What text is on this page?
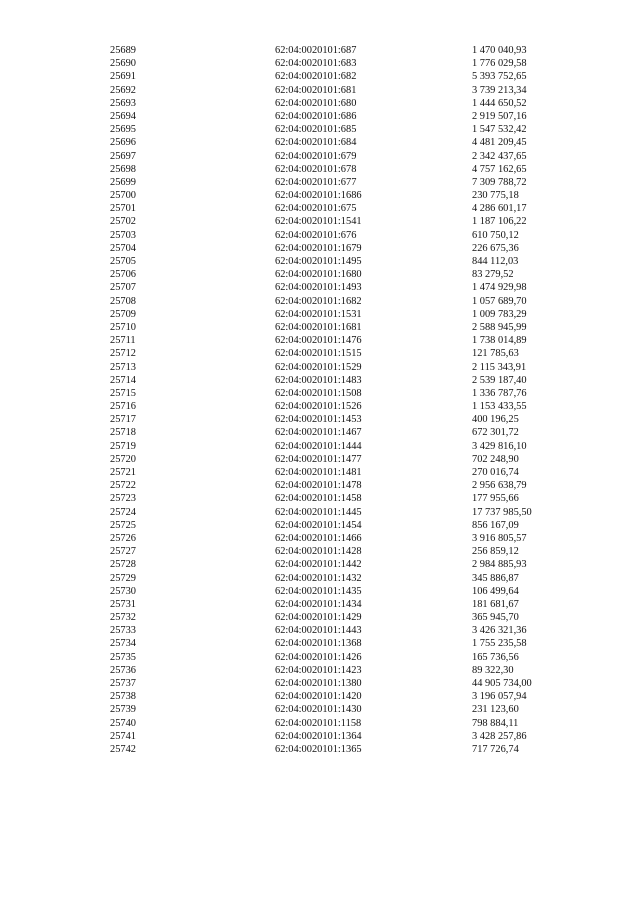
25689	62:04:0020101:687	1 470 040,93
25690	62:04:0020101:683	1 776 029,58
25691	62:04:0020101:682	5 393 752,65
25692	62:04:0020101:681	3 739 213,34
25693	62:04:0020101:680	1 444 650,52
25694	62:04:0020101:686	2 919 507,16
25695	62:04:0020101:685	1 547 532,42
25696	62:04:0020101:684	4 481 209,45
25697	62:04:0020101:679	2 342 437,65
25698	62:04:0020101:678	4 757 162,65
25699	62:04:0020101:677	7 309 788,72
25700	62:04:0020101:1686	230 775,18
25701	62:04:0020101:675	4 286 601,17
25702	62:04:0020101:1541	1 187 106,22
25703	62:04:0020101:676	610 750,12
25704	62:04:0020101:1679	226 675,36
25705	62:04:0020101:1495	844 112,03
25706	62:04:0020101:1680	83 279,52
25707	62:04:0020101:1493	1 474 929,98
25708	62:04:0020101:1682	1 057 689,70
25709	62:04:0020101:1531	1 009 783,29
25710	62:04:0020101:1681	2 588 945,99
25711	62:04:0020101:1476	1 738 014,89
25712	62:04:0020101:1515	121 785,63
25713	62:04:0020101:1529	2 115 343,91
25714	62:04:0020101:1483	2 539 187,40
25715	62:04:0020101:1508	1 336 787,76
25716	62:04:0020101:1526	1 153 433,55
25717	62:04:0020101:1453	400 196,25
25718	62:04:0020101:1467	672 301,72
25719	62:04:0020101:1444	3 429 816,10
25720	62:04:0020101:1477	702 248,90
25721	62:04:0020101:1481	270 016,74
25722	62:04:0020101:1478	2 956 638,79
25723	62:04:0020101:1458	177 955,66
25724	62:04:0020101:1445	17 737 985,50
25725	62:04:0020101:1454	856 167,09
25726	62:04:0020101:1466	3 916 805,57
25727	62:04:0020101:1428	256 859,12
25728	62:04:0020101:1442	2 984 885,93
25729	62:04:0020101:1432	345 886,87
25730	62:04:0020101:1435	106 499,64
25731	62:04:0020101:1434	181 681,67
25732	62:04:0020101:1429	365 945,70
25733	62:04:0020101:1443	3 426 321,36
25734	62:04:0020101:1368	1 755 235,58
25735	62:04:0020101:1426	165 736,56
25736	62:04:0020101:1423	89 322,30
25737	62:04:0020101:1380	44 905 734,00
25738	62:04:0020101:1420	3 196 057,94
25739	62:04:0020101:1430	231 123,60
25740	62:04:0020101:1158	798 884,11
25741	62:04:0020101:1364	3 428 257,86
25742	62:04:0020101:1365	717 726,74
